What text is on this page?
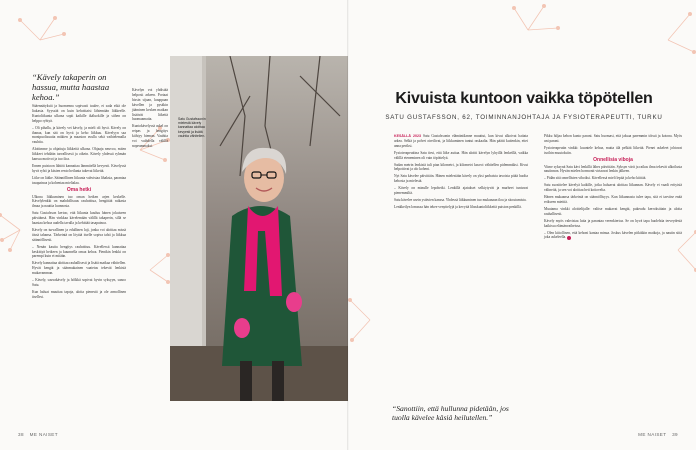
“Kävely takaperin on hassua, mutta haastaa kehoa.”

Sääennätyksiä ja huomenna sopivasti tuulee, ei sada eikä ole liukasta. Syyssää on kuin kehoittaisi lähtemään liikkeelle. Kuntoliikunta ulkona sopii kaikille ikäluokille ja siihen on helppo ryhtyä.

– Oli pihalla, ja kävely vei kävely, ja mieli oli hyvä. Kävely on ihanaa, kun sää on hyvä ja keho liikkuu. Kävelyyn saa monipuolisuutta mäkien ja maaston avulla sekä vaihtelemalla vauhtia.

Aloitimme ja ohjattuja liikkeitä ulkona. Ohjaaja neuvoo, miten liikkeet tehdään turvallisesti ja oikein. Kävely yhdessä ryhmän kanssa motivoi ja tuo iloa.

Ennen puistoon lähtöä kannattaa lämmitellä kevyesti. Kävelyssä hyvä ryhti ja käsien rento heilunta tukevat liikettä.

Liike on lääke. Säännöllinen liikunta vahvistaa lihaksia, parantaa tasapainoa ja kohentaa mielialaa.

Oma hetki

Ulkona liikkuminen tuo oman hetken arjen keskelle. Kävelylenkki on mahdollisuus rauhoittua, hengittää raikasta ilmaa ja nauttia luonnosta.

Satu Gustafsson kertoo, että liikunta kuuluu hänen jokaiseen päiväänsä. Hän vinkkaa kävelemään välillä takaperin, sillä se haastaa kehoa uudella tavalla ja kehittää tasapainoa.

Kävely on turvallinen ja edullinen laji, jonka voi aloittaa missä iässä tahansa. Tärkeintä on löytää itselle sopiva tahti ja liikkua säännöllisesti.

– Nenän kautta hengitys rauhoittuu. Kävellessä kannattaa keskittyä hetkeen ja kuunnella omaa kehoa. Pienikin lenkki on parempi kuin ei mitään.

Kävely kannattaa aloittaa rauhallisesti ja lisätä matkaa vähitellen. Hyvät kengät ja säänmukainen vaatetus tekevät lenkistä mukavamman.

– Kävely, sauvakävely ja hölkkä sopivat hyvin syksyyn, sanoo Satu.

Kun haluat muuttaa tapoja, aloita pienestä ja ole armollinen itsellesi.

Kävelyn voi yhdistää helposti arkeen. Portaat hissin sijaan, kauppaan kävellen ja pysäkin jääminen kesken matkan lisäävät liikettä huomaamatta.

Kuntokävelyssä askel on reipas ja hengitys kiihtyy hieman. Vauhtia voi vaihdella välillä nopeammaksi.

Satu Gustafssonin mielestä kävely kannattaa aloittaa kevyesti ja lisätä vauhtia vähitellen.
38 ME NAISET
Kivuista kuntoon vaikka töpötellen

SATU GUSTAFSSON, 62, TOIMINNANJOHTAJA JA FYSIOTERAPEUTTI, TURKU

KESÄLLÄ 2023 Satu Gustafssonin elämäntilanne muuttui, kun kivut alkoivat haitata arkea. Selkä ja polvet oireilivat, ja liikkuminen tuntui raskaalta. Hän päätti kuitenkin, ettei anna periksi.

Fysioterapeuttina Satu tiesi, että liike auttaa. Hän aloitti kävelyn lyhyillä lenkeillä, vaikka välillä eteneminen oli vain töpöttelyä.

Sadan metrin lenkistä tuli pian kilometri, ja kilometri kasvoi vähitellen pidemmäksi. Kivut helpottivat ja olo koheni.

Nyt Satu kävelee päivittäin. Hänen mielestään kävely on yksi parhaista tavoista pitää huolta kehosta ja mielestä.

– Kävely on minulle lepohetki. Lenkillä ajatukset selkiytyvät ja murheet tuntuvat pienemmiltä.

Satu kävelee usein ystävien kanssa. Yhdessä liikkuminen tuo mukanaan iloa ja sitoutumista.

Lenkkeilyn lomassa hän tekee venyttelyjä ja kevyitä lihaskuntoliikkeitä puiston penkillä.

Pikku hiljaa kehon kunto parani. Satu huomasi, että jaksaa paremmin töissä ja kotona. Myös uni parani.

Fysioterapeutin vinkki: kuuntele kehoa, mutta älä pelkää liikettä. Pienet askeleet johtavat isoihin muutoksiin.

Onnellisia viboja

Viime syksynä Satu kävi lenkillä lähes päivittäin. Syksyn värit ja raikas ilma tekevät ulkoilusta nautinnon. Hyvän mielen hormonit virtaavat lenkin jälkeen.

– Pidän sitä onnellisten viboiksi. Kävellessä mieli lepää ja keho kiittää.

Satu suosittelee kävelyä kaikille, jotka haluavat aloittaa liikunnan. Kävely ei vaadi erityisiä välineitä, ja sen voi aloittaa heti kotiovelta.

Hänen mukaansa tärkeintä on säännöllisyys. Kun liikunnasta tulee tapa, sitä ei tarvitse enää erikseen miettiä.

Muutama vinkki aloittelijalle: valitse mukavat kengät, pukeudu kerroksittain ja aloita rauhallisesti.

Kävely myös vahvistaa luita ja parantaa verenkiertoa. Se on hyvä tapa huolehtia terveydestä kaikissa elämänvaiheissa.

– Olen kiitollinen, että kehoni kantaa minua. Joskus kävelen pitkiäkin matkoja, ja nautin siitä joka askeleella.

“Sanottiin, että hullunna pidetään, jos tuolla kävelee käsiä heilutellen.”

ME NAISET 39
